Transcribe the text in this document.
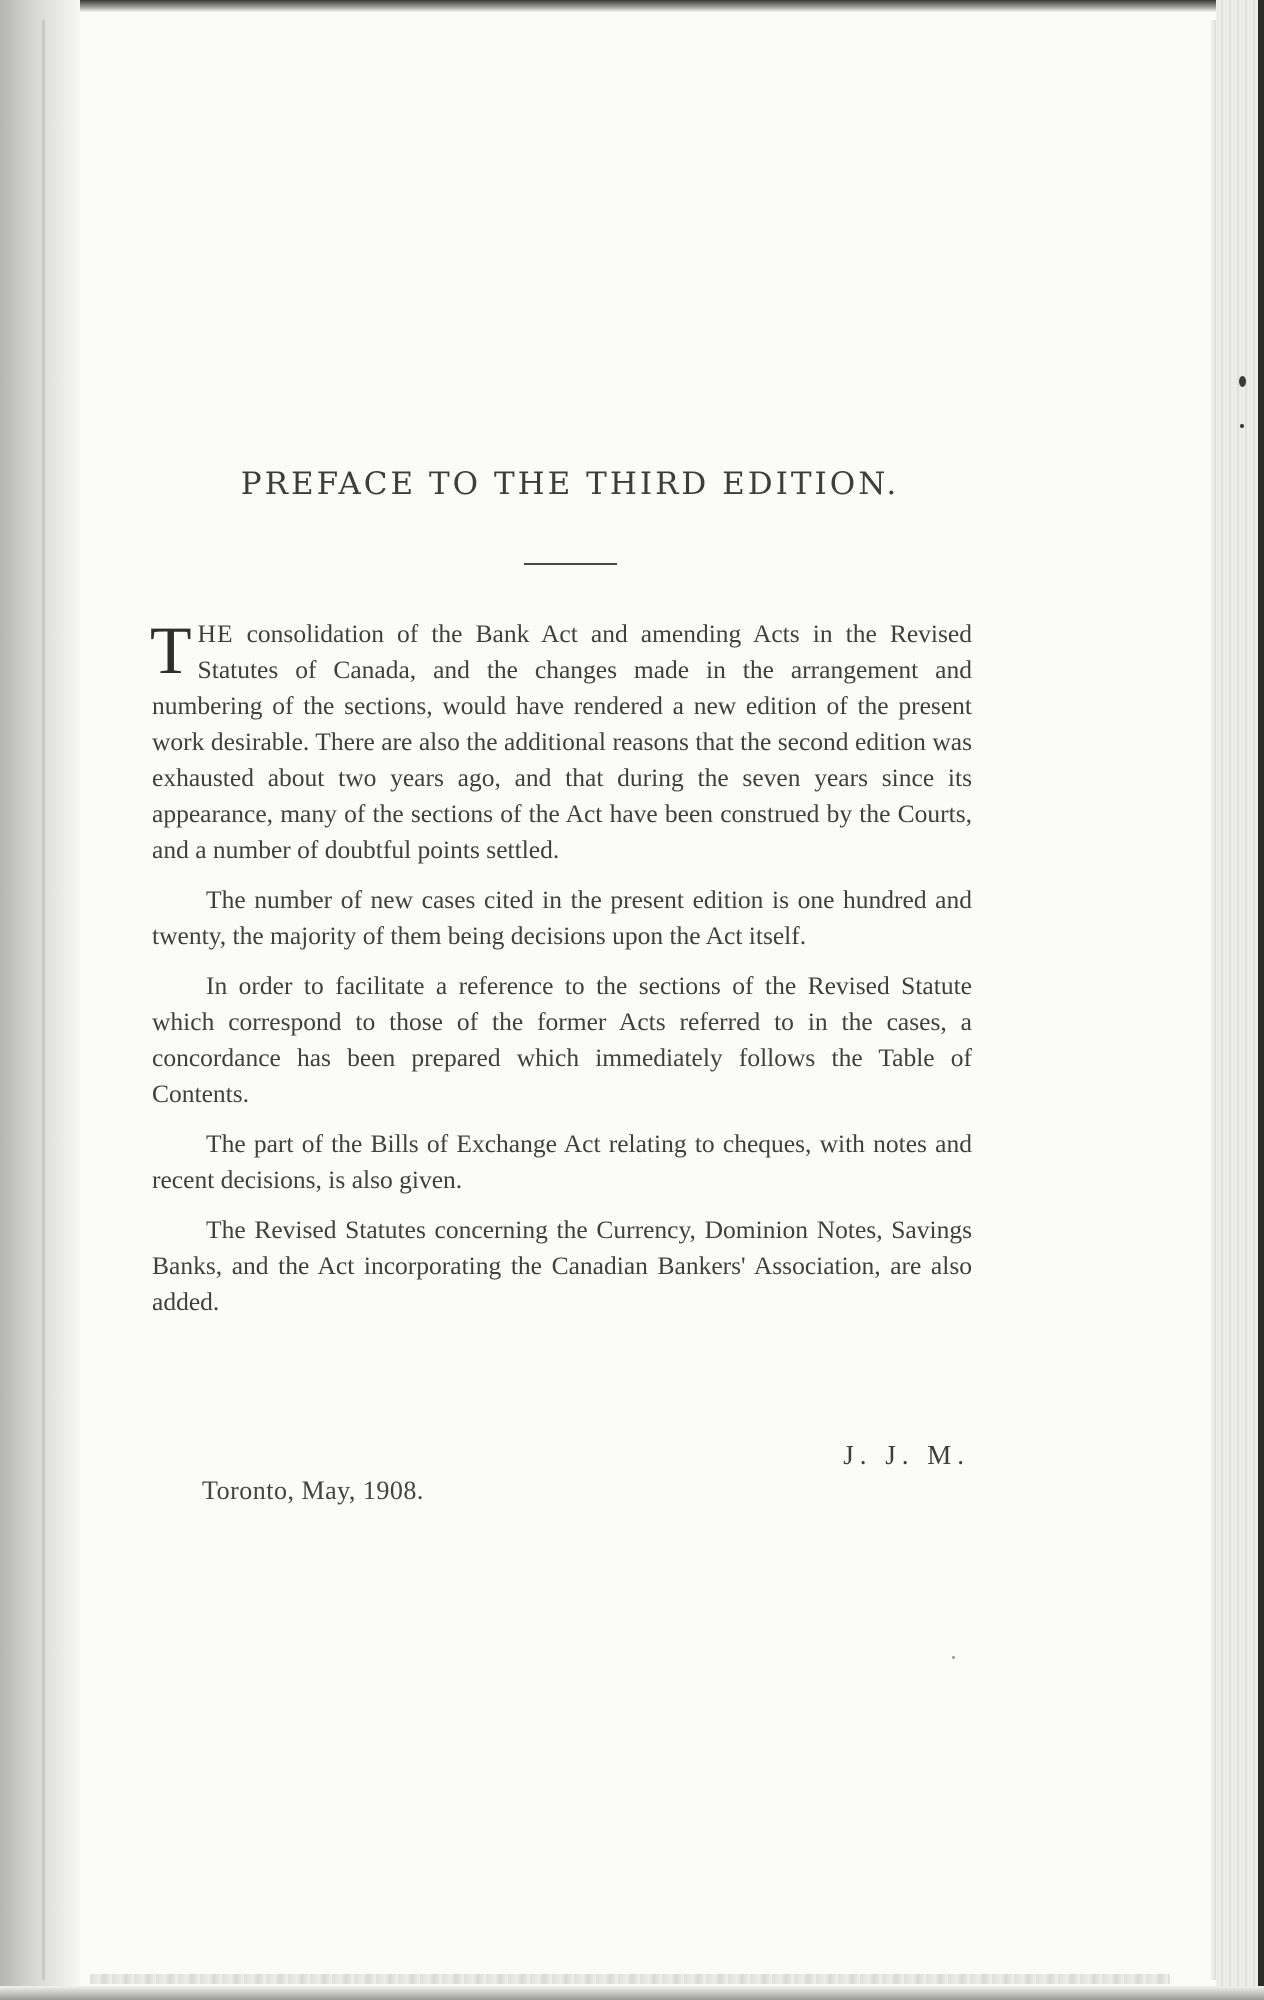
PREFACE TO THE THIRD EDITION.

THE consolidation of the Bank Act and amending Acts in the Revised Statutes of Canada, and the changes made in the arrangement and numbering of the sections, would have rendered a new edition of the present work desirable. There are also the additional reasons that the second edition was exhausted about two years ago, and that during the seven years since its appearance, many of the sections of the Act have been construed by the Courts, and a number of doubtful points settled.

The number of new cases cited in the present edition is one hundred and twenty, the majority of them being decisions upon the Act itself.

In order to facilitate a reference to the sections of the Revised Statute which correspond to those of the former Acts referred to in the cases, a concordance has been prepared which immediately follows the Table of Contents.

The part of the Bills of Exchange Act relating to cheques, with notes and recent decisions, is also given.

The Revised Statutes concerning the Currency, Dominion Notes, Savings Banks, and the Act incorporating the Canadian Bankers' Association, are also added.

J. J. M.
Toronto, May, 1908.
